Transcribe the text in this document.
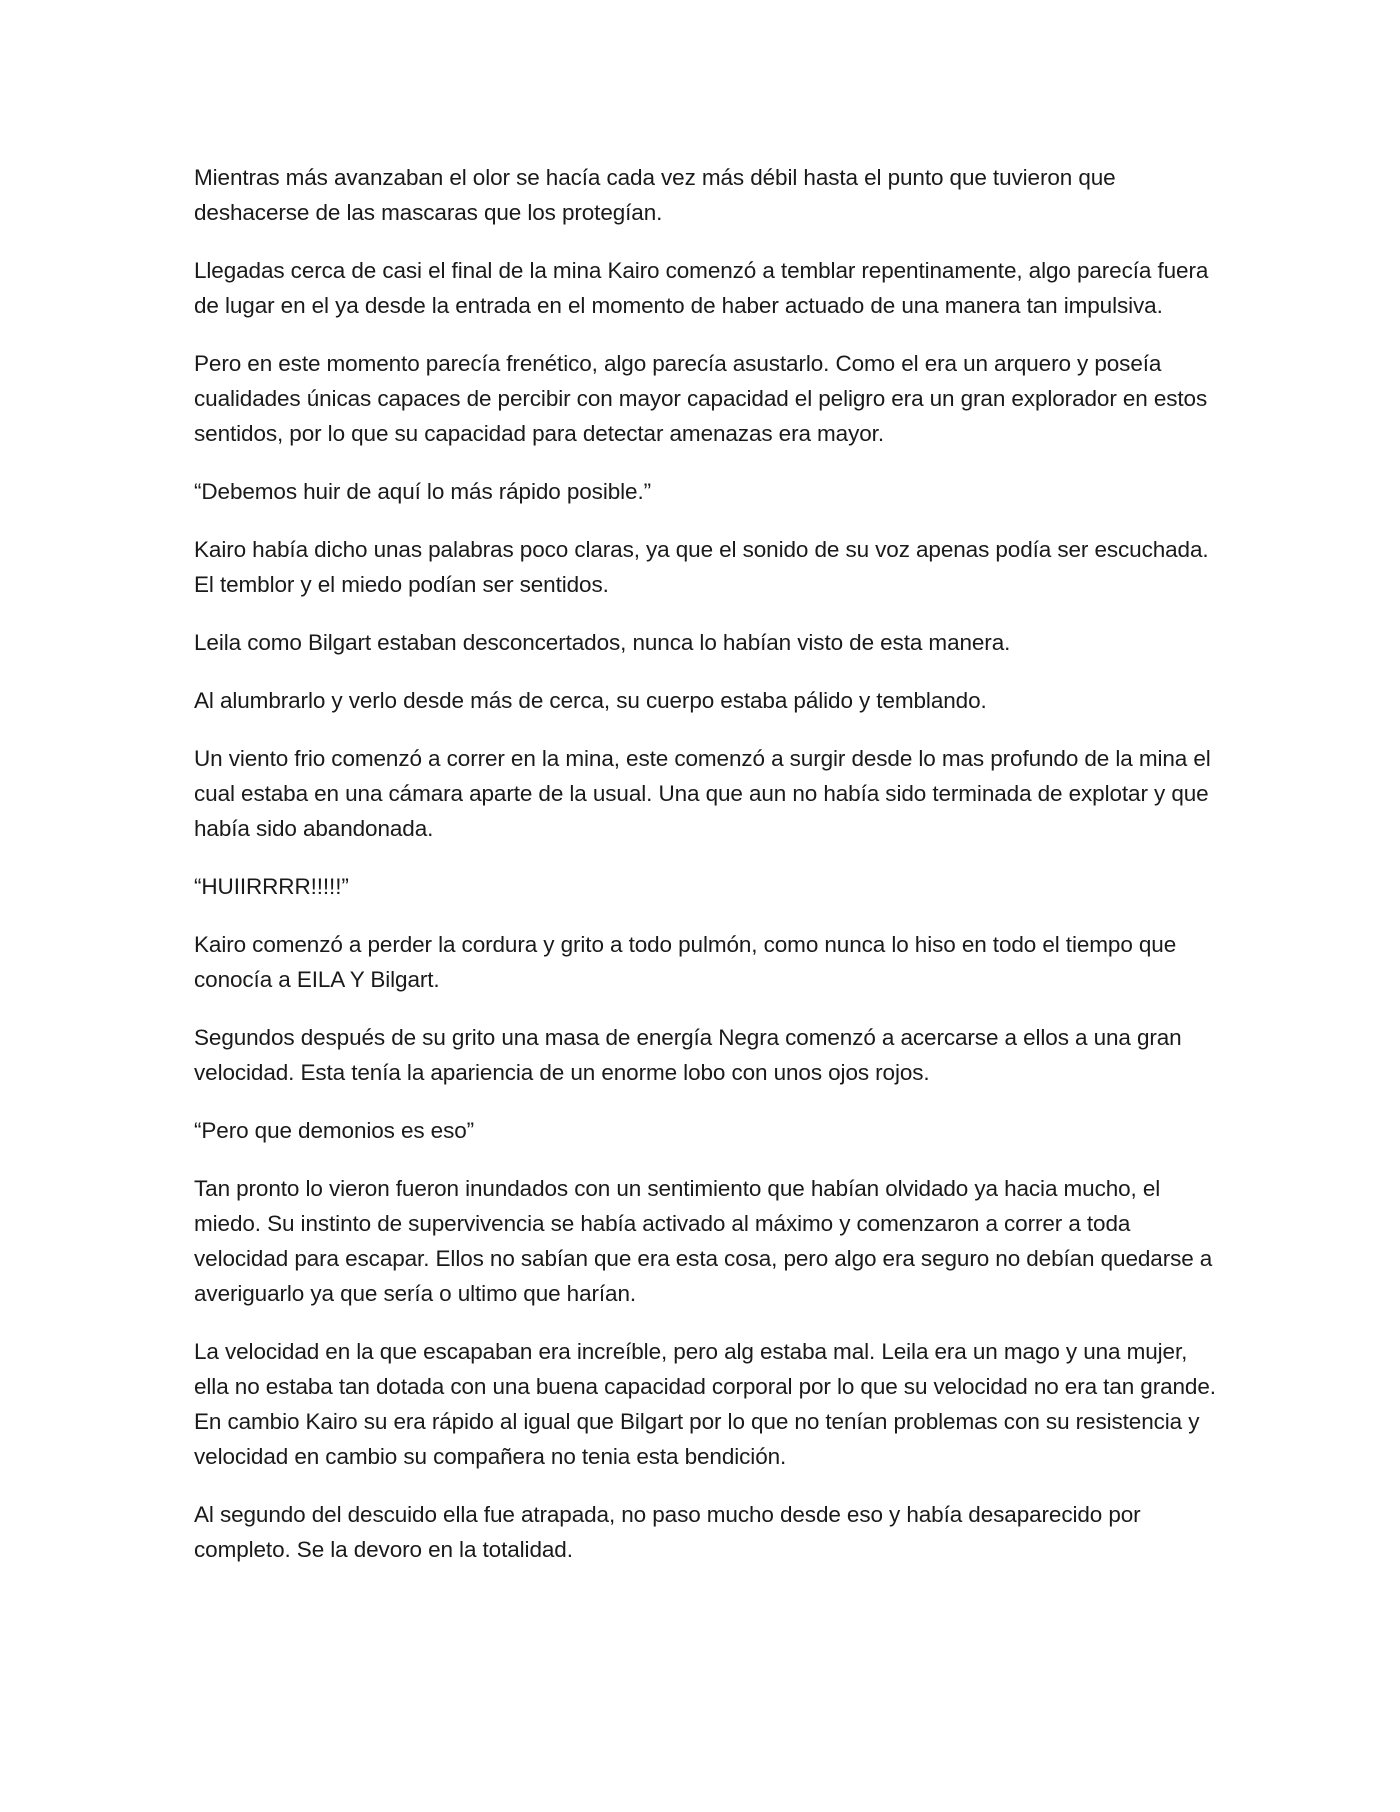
Mientras más avanzaban el olor se hacía cada vez más débil hasta el punto que tuvieron que deshacerse de las mascaras que los protegían.

Llegadas cerca de casi el final de la mina Kairo comenzó a temblar repentinamente, algo parecía fuera de lugar en el ya desde la entrada en el momento de haber actuado de una manera tan impulsiva.

Pero en este momento parecía frenético, algo parecía asustarlo. Como el era un arquero y poseía cualidades únicas capaces de percibir con mayor capacidad el peligro era un gran explorador en estos sentidos, por lo que su capacidad para detectar amenazas era mayor.

“Debemos huir de aquí lo más rápido posible.”

Kairo había dicho unas palabras poco claras, ya que el sonido de su voz apenas podía ser escuchada. El temblor y el miedo podían ser sentidos.

Leila como Bilgart estaban desconcertados, nunca lo habían visto de esta manera.

Al alumbrarlo y verlo desde más de cerca, su cuerpo estaba pálido y temblando.

Un viento frio comenzó a correr en la mina, este comenzó a surgir desde lo mas profundo de la mina el cual estaba en una cámara aparte de la usual. Una que aun no había sido terminada de explotar y que había sido abandonada.

“HUIIRRRR!!!!!”

Kairo comenzó a perder la cordura y grito a todo pulmón, como nunca lo hiso en todo el tiempo que conocía a EILA Y Bilgart.

Segundos después de su grito una masa de energía Negra comenzó a acercarse a ellos a una gran velocidad. Esta tenía la apariencia de un enorme lobo con unos ojos rojos.

“Pero que demonios es eso”

Tan pronto lo vieron fueron inundados con un sentimiento que habían olvidado ya hacia mucho, el miedo. Su instinto de supervivencia se había activado al máximo y comenzaron a correr a toda velocidad para escapar. Ellos no sabían que era esta cosa, pero algo era seguro no debían quedarse a averiguarlo ya que sería o ultimo que harían.

La velocidad en la que escapaban era increíble, pero alg estaba mal. Leila era un mago y una mujer, ella no estaba tan dotada con una buena capacidad corporal por lo que su velocidad no era tan grande. En cambio Kairo su era rápido al igual que Bilgart por lo que no tenían problemas con su resistencia y velocidad en cambio su compañera no tenia esta bendición.

Al segundo del descuido ella fue atrapada, no paso mucho desde eso y había desaparecido por completo. Se la devoro en la totalidad.
